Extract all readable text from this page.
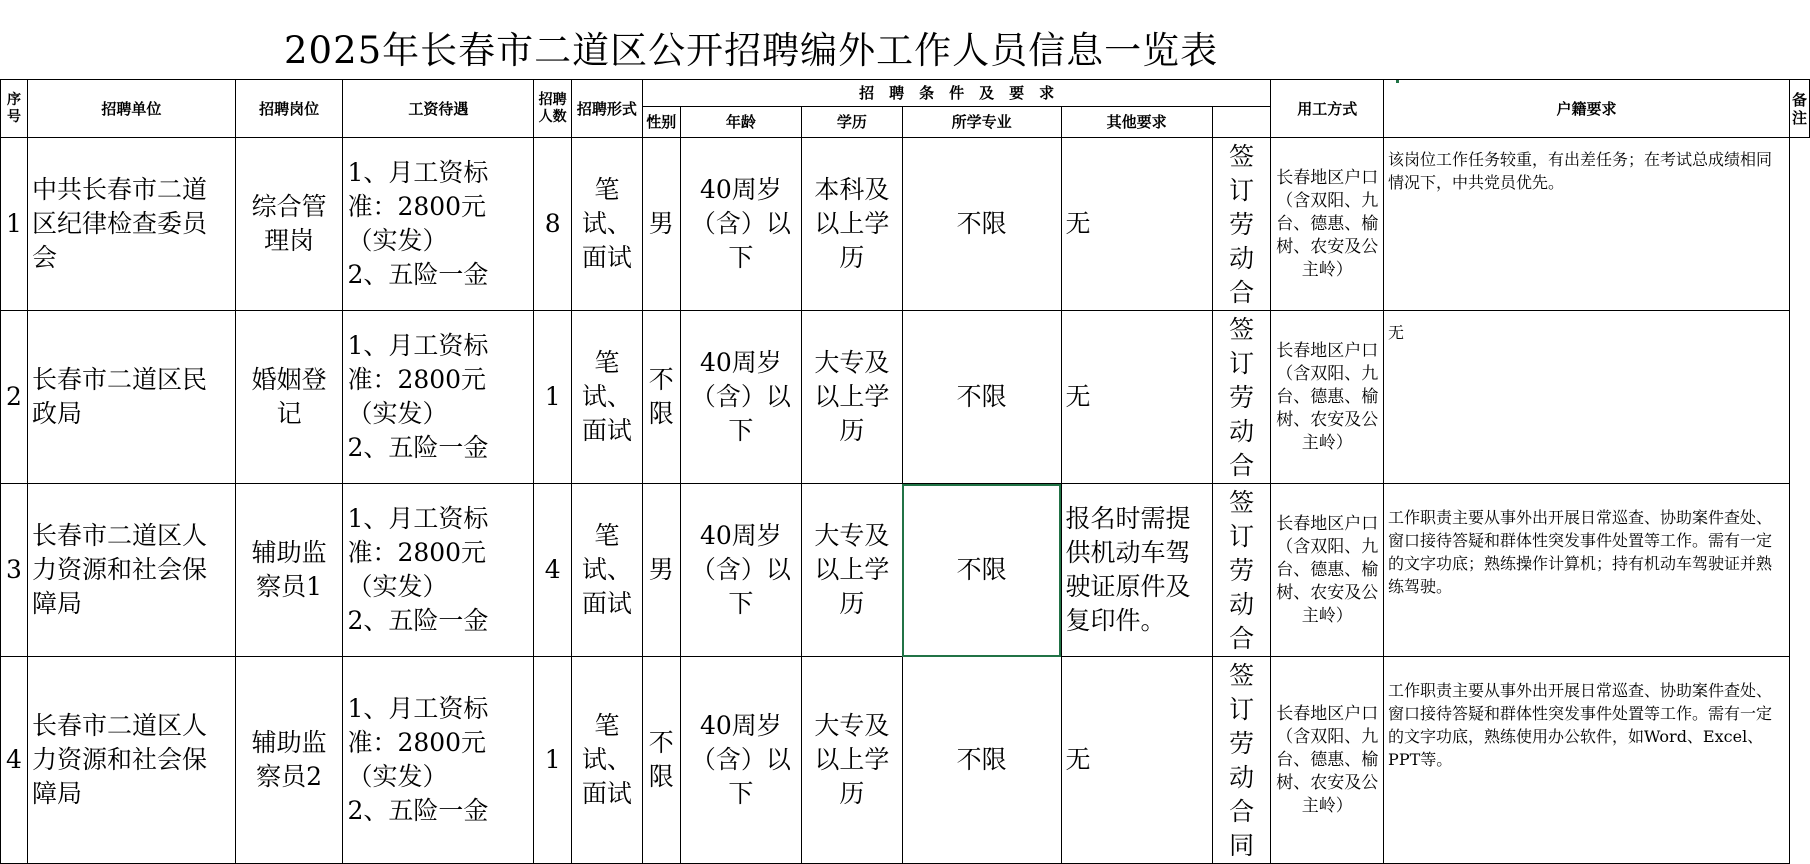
2025年长春市二道区公开招聘编外工作人员信息一览表
序号	招聘单位	招聘岗位	工资待遇	招聘人数	招聘形式	招　聘　条　件　及　要　求						用工方式	户籍要求	备注
						性别	年龄	学历	所学专业	其他要求				
1	中共长春市二道区纪律检查委员会	综合管理岗	1、月工资标准：2800元（实发）
2、五险一金	8	笔试、面试	男	40周岁（含）以下	本科及以上学历	不限	无	签订劳动合	长春地区户口（含双阳、九台、德惠、榆树、农安及公主岭）	该岗位工作任务较重，有出差任务；在考试总成绩相同情况下，中共党员优先。	
2	长春市二道区民政局	婚姻登记	1、月工资标准：2800元（实发）
2、五险一金	1	笔试、面试	不限	40周岁（含）以下	大专及以上学历	不限	无	签订劳动合	长春地区户口（含双阳、九台、德惠、榆树、农安及公主岭）	无	
3	长春市二道区人力资源和社会保障局	辅助监察员1	1、月工资标准：2800元（实发）
2、五险一金	4	笔试、面试	男	40周岁（含）以下	大专及以上学历	不限	报名时需提供机动车驾驶证原件及复印件。	签订劳动合	长春地区户口（含双阳、九台、德惠、榆树、农安及公主岭）	工作职责主要从事外出开展日常巡查、协助案件查处、窗口接待答疑和群体性突发事件处置等工作。需有一定的文字功底；熟练操作计算机；持有机动车驾驶证并熟练驾驶。	
4	长春市二道区人力资源和社会保障局	辅助监察员2	1、月工资标准：2800元（实发）
2、五险一金	1	笔试、面试	不限	40周岁（含）以下	大专及以上学历	不限	无	签订劳动合同	长春地区户口（含双阳、九台、德惠、榆树、农安及公主岭）	工作职责主要从事外出开展日常巡查、协助案件查处、窗口接待答疑和群体性突发事件处置等工作。需有一定的文字功底，熟练使用办公软件，如Word、Excel、PPT等。	
